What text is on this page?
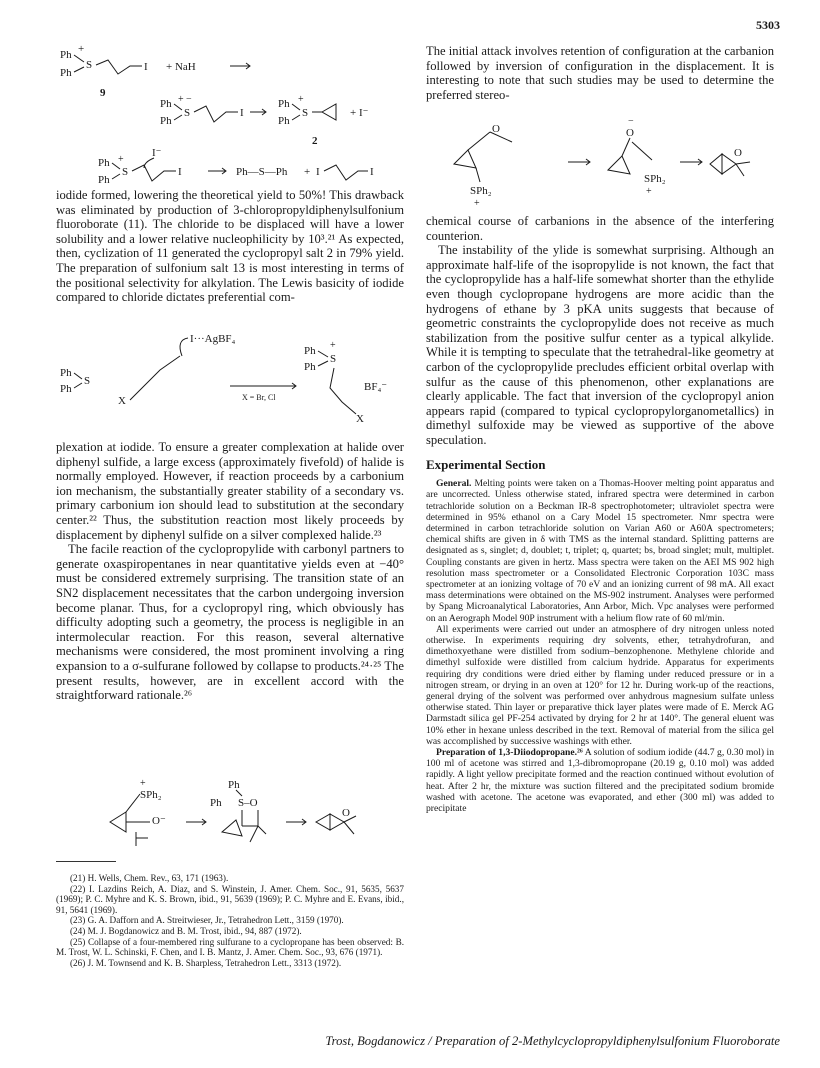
5303
+
Ph
Ph
S	I + NaH
9
Ph
Ph
S
+ −
I
Ph
Ph
S
+
+ I⁻
2
Ph
Ph
S
+
I
I⁻
Ph—S—Ph + I	I

iodide formed, lowering the theoretical yield to 50%! This drawback was eliminated by production of 3-chloropropyldiphenylsulfonium fluoroborate (11). The chloride to be displaced will have a lower solubility and a lower relative nucleophilicity by 10³.²¹ As expected, then, cyclization of 11 generated the cyclopropyl salt 2 in 79% yield. The preparation of sulfonium salt 13 is most interesting in terms of the positional selectivity for alkylation. The Lewis basicity of iodide compared to chloride dictates preferential com-

I···AgBF₄
Ph
Ph
S
X	X = Br, Cl
Ph
Ph
S
+
X
BF₄⁻

plexation at iodide. To ensure a greater complexation at halide over diphenyl sulfide, a large excess (approximately fivefold) of halide is normally employed. However, if reaction proceeds by a carbonium ion mechanism, the substantially greater stability of a secondary vs. primary carbonium ion should lead to substitution at the secondary center.²² Thus, the substitution reaction most likely proceeds by displacement by diphenyl sulfide on a silver complexed halide.²³

The facile reaction of the cyclopropylide with carbonyl partners to generate oxaspiropentanes in near quantitative yields even at −40° must be considered extremely surprising. The transition state of an SN2 displacement necessitates that the carbon undergoing inversion become planar. Thus, for a cyclopropyl ring, which obviously has difficulty adopting such a geometry, the process is negligible in an intermolecular reaction. For this reason, several alternative mechanisms were considered, the most prominent involving a ring expansion to a σ-sulfurane followed by collapse to products.²⁴·²⁵ The present results, however, are in excellent accord with the straightforward rationale.²⁶

SPh₂
+
O⁻
Ph
Ph S–O
O
(21) H. Wells, Chem. Rev., 63, 171 (1963).
(22) I. Lazdins Reich, A. Diaz, and S. Winstein, J. Amer. Chem. Soc., 91, 5635, 5637 (1969); P. C. Myhre and K. S. Brown, ibid., 91, 5639 (1969); P. C. Myhre and E. Evans, ibid., 91, 5641 (1969).
(23) G. A. Dafforn and A. Streitwieser, Jr., Tetrahedron Lett., 3159 (1970).
(24) M. J. Bogdanowicz and B. M. Trost, ibid., 94, 887 (1972).
(25) Collapse of a four-membered ring sulfurane to a cyclopropane has been observed: B. M. Trost, W. L. Schinski, F. Chen, and I. B. Mantz, J. Amer. Chem. Soc., 93, 676 (1971).
(26) J. M. Townsend and K. B. Sharpless, Tetrahedron Lett., 3313 (1972).

The initial attack involves retention of configuration at the carbanion followed by inversion of configuration in the displacement. It is interesting to note that such studies may be used to determine the preferred stereo-

O
SPh₂
+
O
−
SPh₂
+
O

chemical course of carbanions in the absence of the interfering counterion.

The instability of the ylide is somewhat surprising. Although an approximate half-life of the isopropylide is not known, the fact that the cyclopropylide has a half-life somewhat shorter than the ethylide even though cyclopropane hydrogens are more acidic than the hydrogens of ethane by 3 pKA units suggests that because of geometric constraints the cyclopropylide does not receive as much stabilization from the positive sulfur center as a typical alkylide. While it is tempting to speculate that the tetrahedral-like geometry at carbon of the cyclopropylide precludes efficient orbital overlap with sulfur as the cause of this phenomenon, other explanations are clearly applicable. The fact that inversion of the cyclopropyl anion appears rapid (compared to typical cyclopropylorganometallics) in dimethyl sulfoxide may be viewed as supportive of the above speculation.

Experimental Section

General. Melting points were taken on a Thomas-Hoover melting point apparatus and are uncorrected. Unless otherwise stated, infrared spectra were determined in carbon tetrachloride solution on a Beckman IR-8 spectrophotometer; ultraviolet spectra were determined in 95% ethanol on a Cary Model 15 spectrometer. Nmr spectra were determined in carbon tetrachloride solution on Varian A60 or A60A spectrometers; chemical shifts are given in δ with TMS as the internal standard. Splitting patterns are designated as s, singlet; d, doublet; t, triplet; q, quartet; bs, broad singlet; mult, multiplet. Coupling constants are given in hertz. Mass spectra were taken on the AEI MS 902 high resolution mass spectrometer or a Consolidated Electronic Corporation 103C mass spectrometer at an ionizing voltage of 70 eV and an ionizing current of 98 mA. All exact mass determinations were obtained on the MS-902 instrument. Analyses were performed by Spang Microanalytical Laboratories, Ann Arbor, Mich. Vpc analyses were performed on an Aerograph Model 90P instrument with a helium flow rate of 60 ml/min.

All experiments were carried out under an atmosphere of dry nitrogen unless noted otherwise. In experiments requiring dry solvents, ether, tetrahydrofuran, and dimethoxyethane were distilled from sodium–benzophenone. Methylene chloride and dimethyl sulfoxide were distilled from calcium hydride. Apparatus for experiments requiring dry conditions were dried either by flaming under reduced pressure or in a nitrogen stream, or drying in an oven at 120° for 12 hr. During work-up of the reactions, general drying of the solvent was performed over anhydrous magnesium sulfate unless otherwise stated. Thin layer or preparative thick layer plates were made of E. Merck AG Darmstadt silica gel PF-254 activated by drying for 2 hr at 140°. The general eluent was 10% ether in hexane unless described in the text. Removal of material from the silica gel was accomplished by successive washings with ether.

Preparation of 1,3-Diiodopropane.²⁶ A solution of sodium iodide (44.7 g, 0.30 mol) in 100 ml of acetone was stirred and 1,3-dibromopropane (20.19 g, 0.10 mol) was added rapidly. A light yellow precipitate formed and the reaction continued without evolution of heat. After 2 hr, the mixture was suction filtered and the precipitated sodium bromide washed with acetone. The acetone was evaporated, and ether (300 ml) was added to precipitate

Trost, Bogdanowicz / Preparation of 2-Methylcyclopropyldiphenylsulfonium Fluoroborate
